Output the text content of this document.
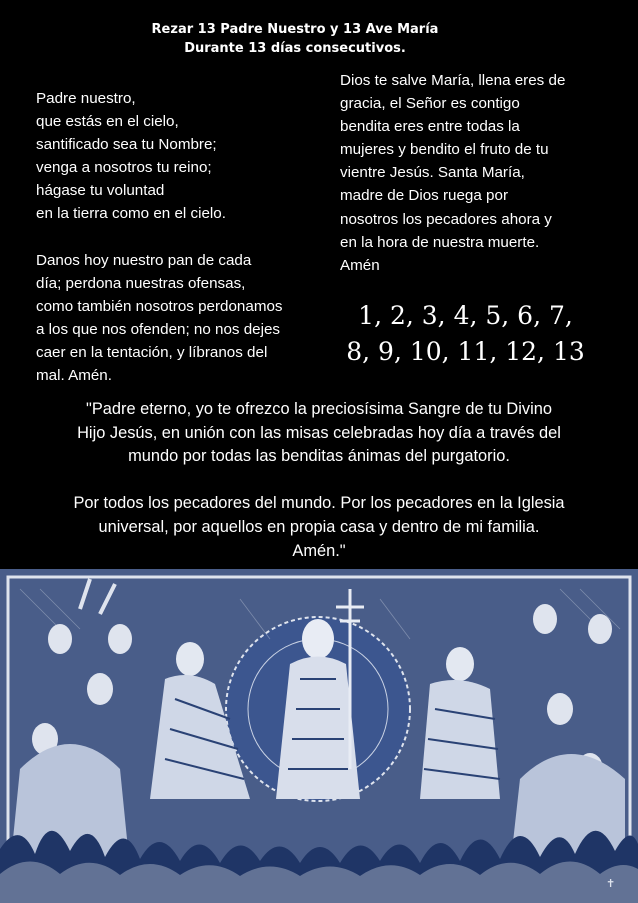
Rezar 13 Padre Nuestro y 13 Ave María
Durante 13 días consecutivos.
Padre nuestro,
que estás en el cielo,
santificado sea tu Nombre;
venga a nosotros tu reino;
hágase tu voluntad
en la tierra como en el cielo.

Danos hoy nuestro pan de cada
día; perdona nuestras ofensas,
como también nosotros perdonamos
a los que nos ofenden; no nos dejes
caer en la tentación, y líbranos del
mal. Amén.
Dios te salve María, llena eres de
gracia, el Señor es contigo
bendita eres entre todas la
mujeres y bendito el fruto de tu
vientre Jesús. Santa María,
madre de Dios ruega por
nosotros los pecadores ahora y
en la hora de nuestra muerte.
Amén
1, 2, 3, 4, 5, 6, 7,
8, 9, 10, 11, 12, 13
"Padre eterno, yo te ofrezco la preciosísima Sangre de tu Divino
Hijo Jesús, en unión con las misas celebradas hoy día a través del
mundo por todas las benditas ánimas del purgatorio.

Por todos los pecadores del mundo. Por los pecadores en la Iglesia
universal, por aquellos en propia casa y dentro de mi familia.
Amén."
✝
